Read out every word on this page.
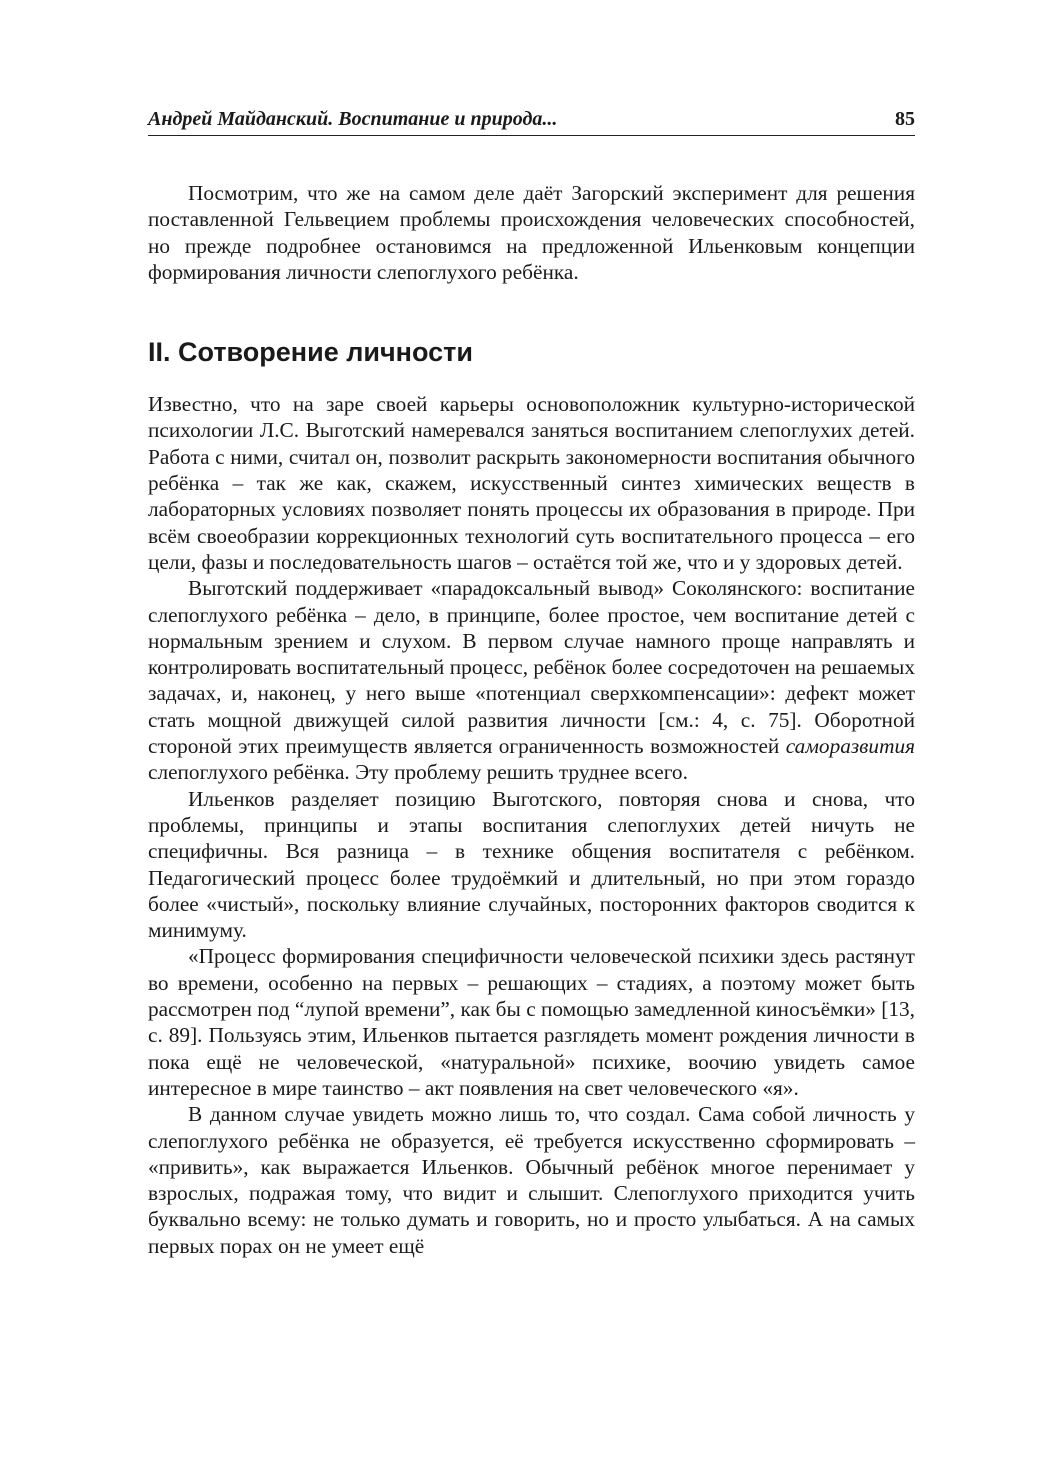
Андрей Майданский. Воспитание и природа...	85

Посмотрим, что же на самом деле даёт Загорский эксперимент для решения поставленной Гельвецием проблемы происхождения человеческих способностей, но прежде подробнее остановимся на предложенной Ильенковым концепции формирования личности слепоглухого ребёнка.

II. Сотворение личности

Известно, что на заре своей карьеры основоположник культурно-исторической психологии Л.С. Выготский намеревался заняться воспитанием слепоглухих детей. Работа с ними, считал он, позволит раскрыть закономерности воспитания обычного ребёнка – так же как, скажем, искусственный синтез химических веществ в лабораторных условиях позволяет понять процессы их образования в природе. При всём своеобразии коррекционных технологий суть воспитательного процесса – его цели, фазы и последовательность шагов – остаётся той же, что и у здоровых детей.

Выготский поддерживает «парадоксальный вывод» Соколянского: воспитание слепоглухого ребёнка – дело, в принципе, более простое, чем воспитание детей с нормальным зрением и слухом. В первом случае намного проще направлять и контролировать воспитательный процесс, ребёнок более сосредоточен на решаемых задачах, и, наконец, у него выше «потенциал сверхкомпенсации»: дефект может стать мощной движущей силой развития личности [см.: 4, с. 75]. Оборотной стороной этих преимуществ является ограниченность возможностей саморазвития слепоглухого ребёнка. Эту проблему решить труднее всего.

Ильенков разделяет позицию Выготского, повторяя снова и снова, что проблемы, принципы и этапы воспитания слепоглухих детей ничуть не специфичны. Вся разница – в технике общения воспитателя с ребёнком. Педагогический процесс более трудоёмкий и длительный, но при этом гораздо более «чистый», поскольку влияние случайных, посторонних факторов сводится к минимуму.

«Процесс формирования специфичности человеческой психики здесь растянут во времени, особенно на первых – решающих – стадиях, а поэтому может быть рассмотрен под “лупой времени”, как бы с помощью замедленной киносъёмки» [13, с. 89]. Пользуясь этим, Ильенков пытается разглядеть момент рождения личности в пока ещё не человеческой, «натуральной» психике, воочию увидеть самое интересное в мире таинство – акт появления на свет человеческого «я».

В данном случае увидеть можно лишь то, что создал. Сама собой личность у слепоглухого ребёнка не образуется, её требуется искусственно сформировать – «привить», как выражается Ильенков. Обычный ребёнок многое перенимает у взрослых, подражая тому, что видит и слышит. Слепоглухого приходится учить буквально всему: не только думать и говорить, но и просто улыбаться. А на самых первых порах он не умеет ещё
